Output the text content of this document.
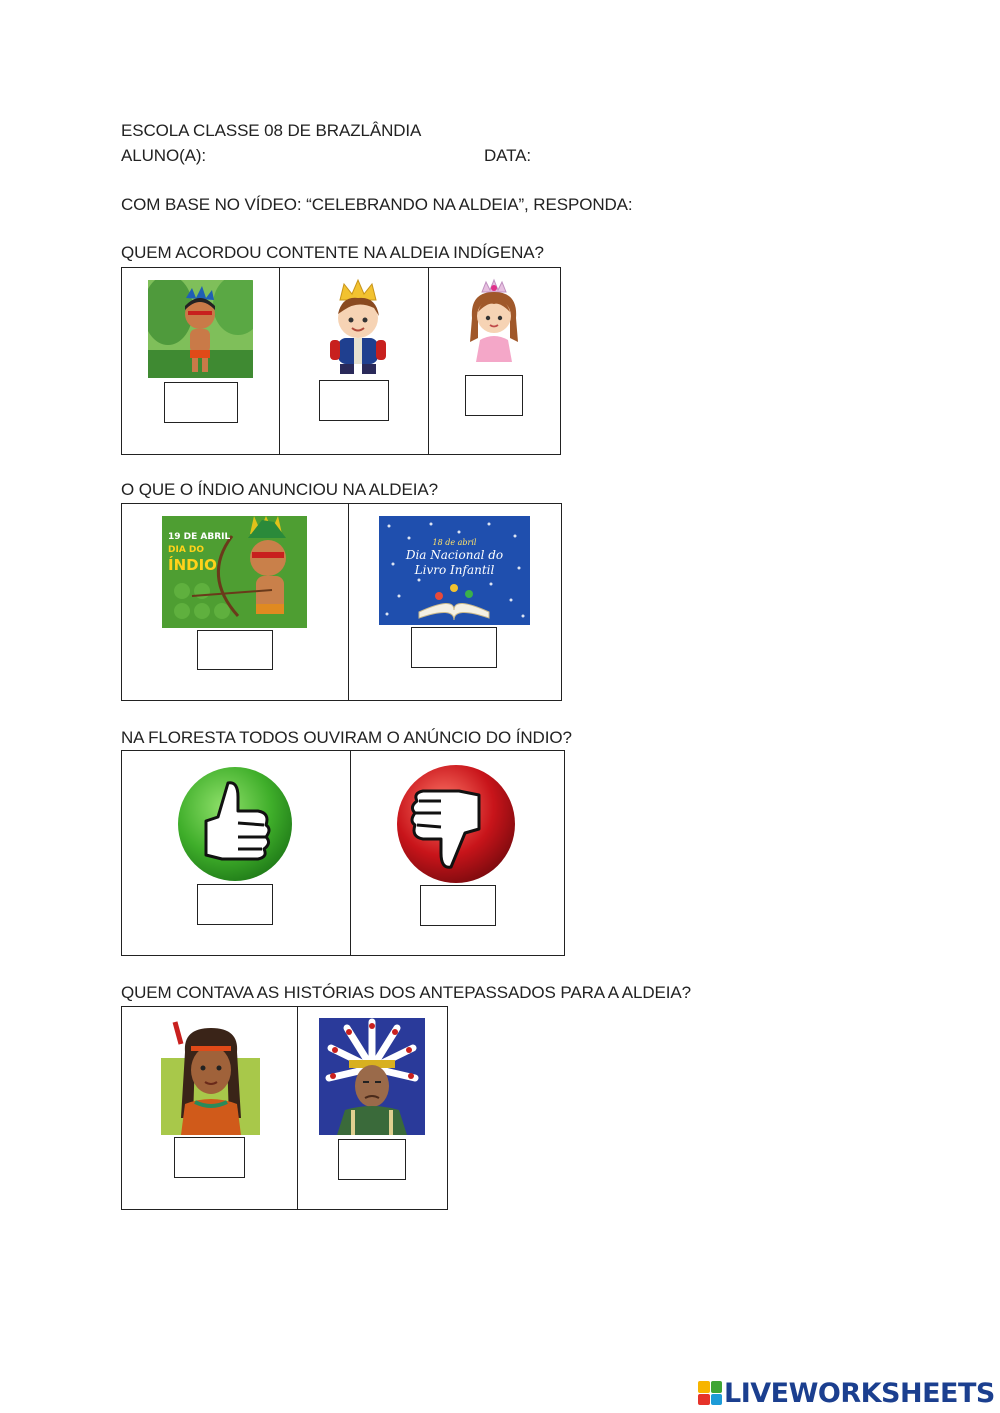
ESCOLA CLASSE 08 DE BRAZLÂNDIA
ALUNO(A):	DATA:
COM BASE NO VÍDEO: “CELEBRANDO NA ALDEIA”, RESPONDA:
QUEM ACORDOU CONTENTE NA ALDEIA INDÍGENA?
O QUE O ÍNDIO ANUNCIOU NA ALDEIA?
19 DE ABRIL
DIA DO
ÍNDIO
18 de abril
Dia Nacional do
Livro Infantil
NA FLORESTA TODOS OUVIRAM O ANÚNCIO DO ÍNDIO?
QUEM CONTAVA AS HISTÓRIAS DOS ANTEPASSADOS PARA A ALDEIA?
LIVEWORKSHEETS
